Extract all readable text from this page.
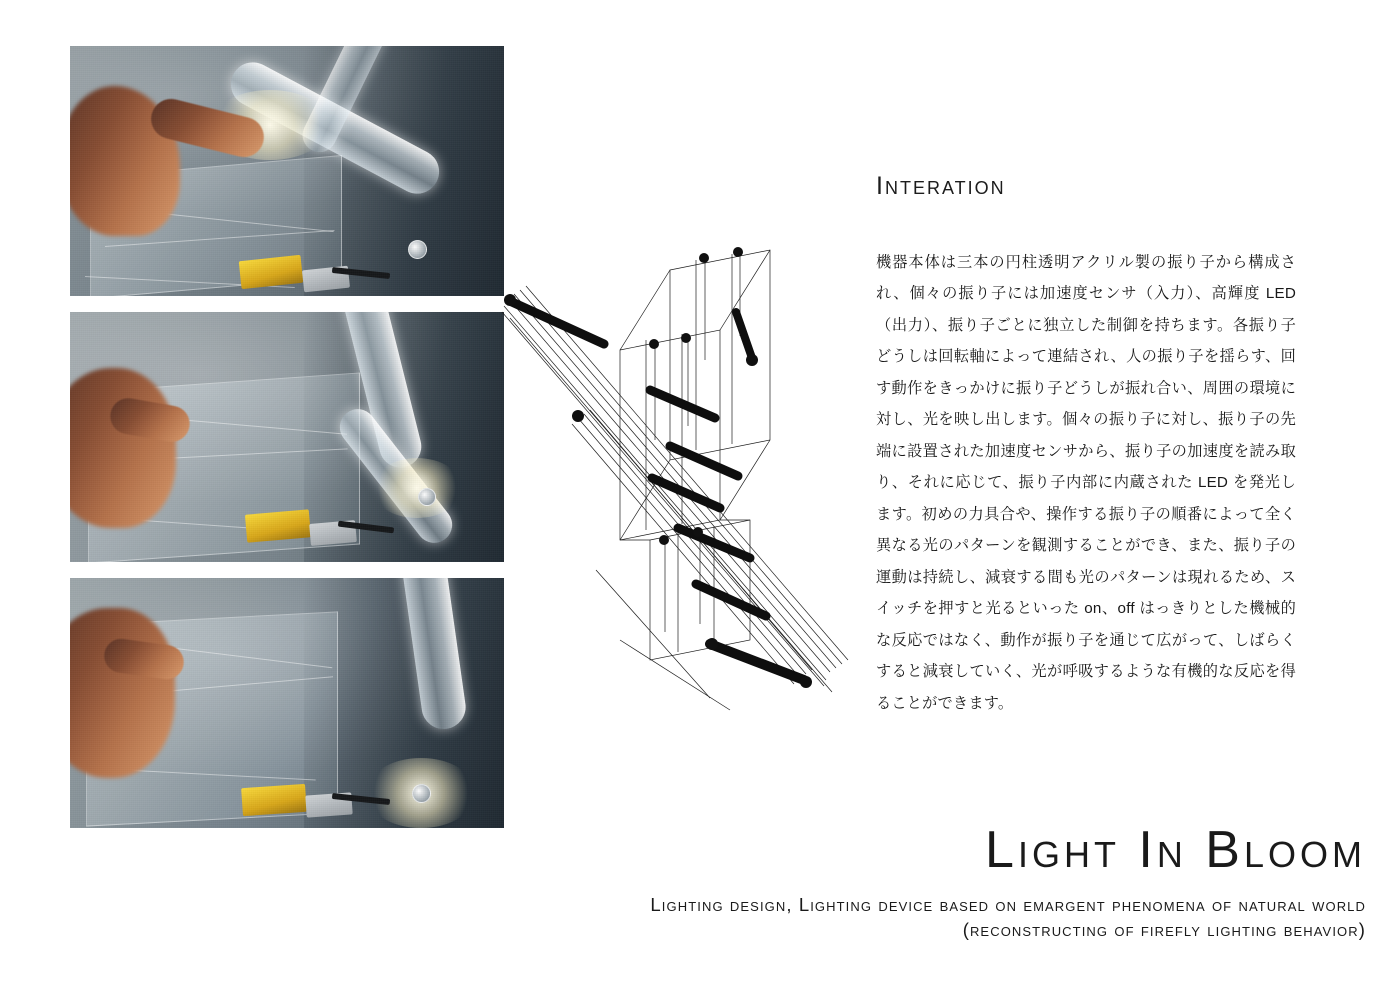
Interation

機器本体は三本の円柱透明アクリル製の振り子から構成され、個々の振り子には加速度センサ（入力）、高輝度 LED（出力）、振り子ごとに独立した制御を持ちます。各振り子どうしは回転軸によって連結され、人の振り子を揺らす、回す動作をきっかけに振り子どうしが振れ合い、周囲の環境に対し、光を映し出します。個々の振り子に対し、振り子の先端に設置された加速度センサから、振り子の加速度を読み取り、それに応じて、振り子内部に内蔵された LED を発光します。初めの力具合や、操作する振り子の順番によって全く異なる光のパターンを観測することができ、また、振り子の運動は持続し、減衰する間も光のパターンは現れるため、スイッチを押すと光るといった on、off はっきりとした機械的な反応ではなく、動作が振り子を通じて広がって、しばらくすると減衰していく、光が呼吸するような有機的な反応を得ることができます。

Light In Bloom

Lighting design, Lighting device based on emargent phenomena of natural world

(reconstructing of firefly lighting behavior)
